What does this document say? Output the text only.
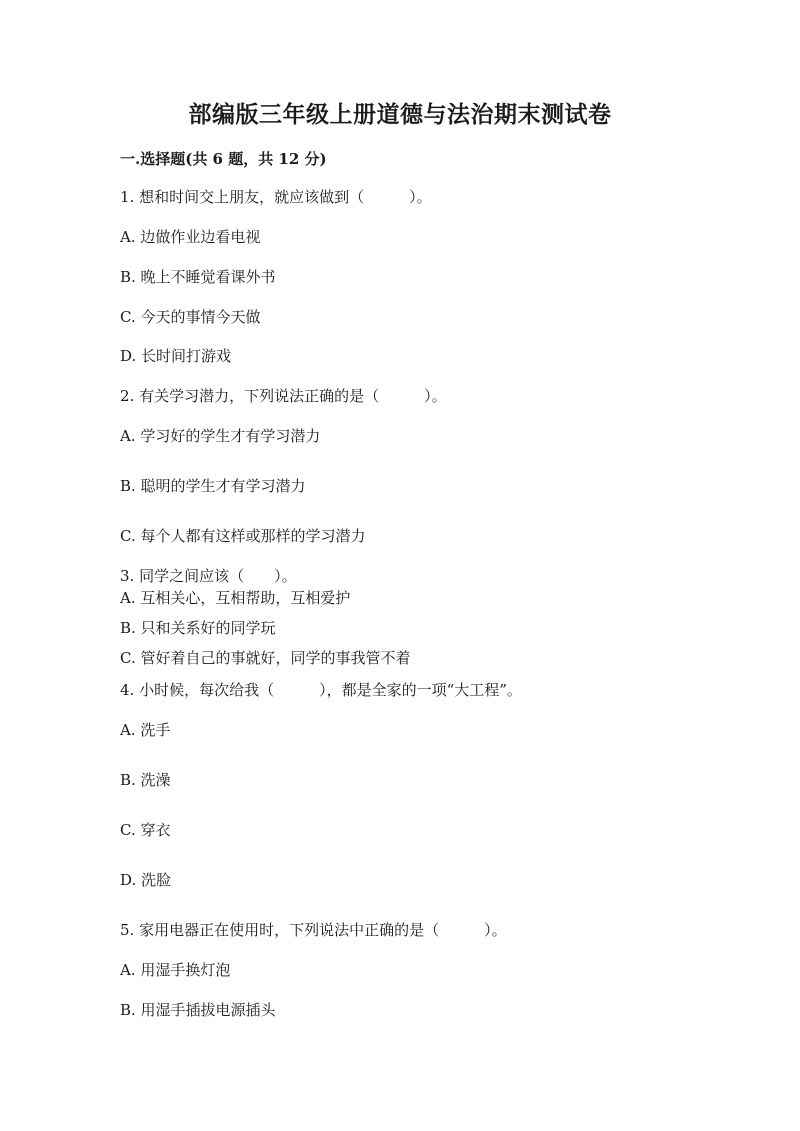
部编版三年级上册道德与法治期末测试卷
一.选择题(共 6 题，共 12 分)
1. 想和时间交上朋友，就应该做到（　　　）。
A. 边做作业边看电视
B. 晚上不睡觉看课外书
C. 今天的事情今天做
D. 长时间打游戏
2. 有关学习潜力，下列说法正确的是（　　　）。
A. 学习好的学生才有学习潜力
B. 聪明的学生才有学习潜力
C. 每个人都有这样或那样的学习潜力
3. 同学之间应该（　　）。
A. 互相关心，互相帮助，互相爱护
B. 只和关系好的同学玩
C. 管好着自己的事就好，同学的事我管不着
4. 小时候，每次给我（　　　），都是全家的一项“大工程”。
A. 洗手
B. 洗澡
C. 穿衣
D. 洗脸
5. 家用电器正在使用时，下列说法中正确的是（　　　）。
A. 用湿手换灯泡
B. 用湿手插拔电源插头
